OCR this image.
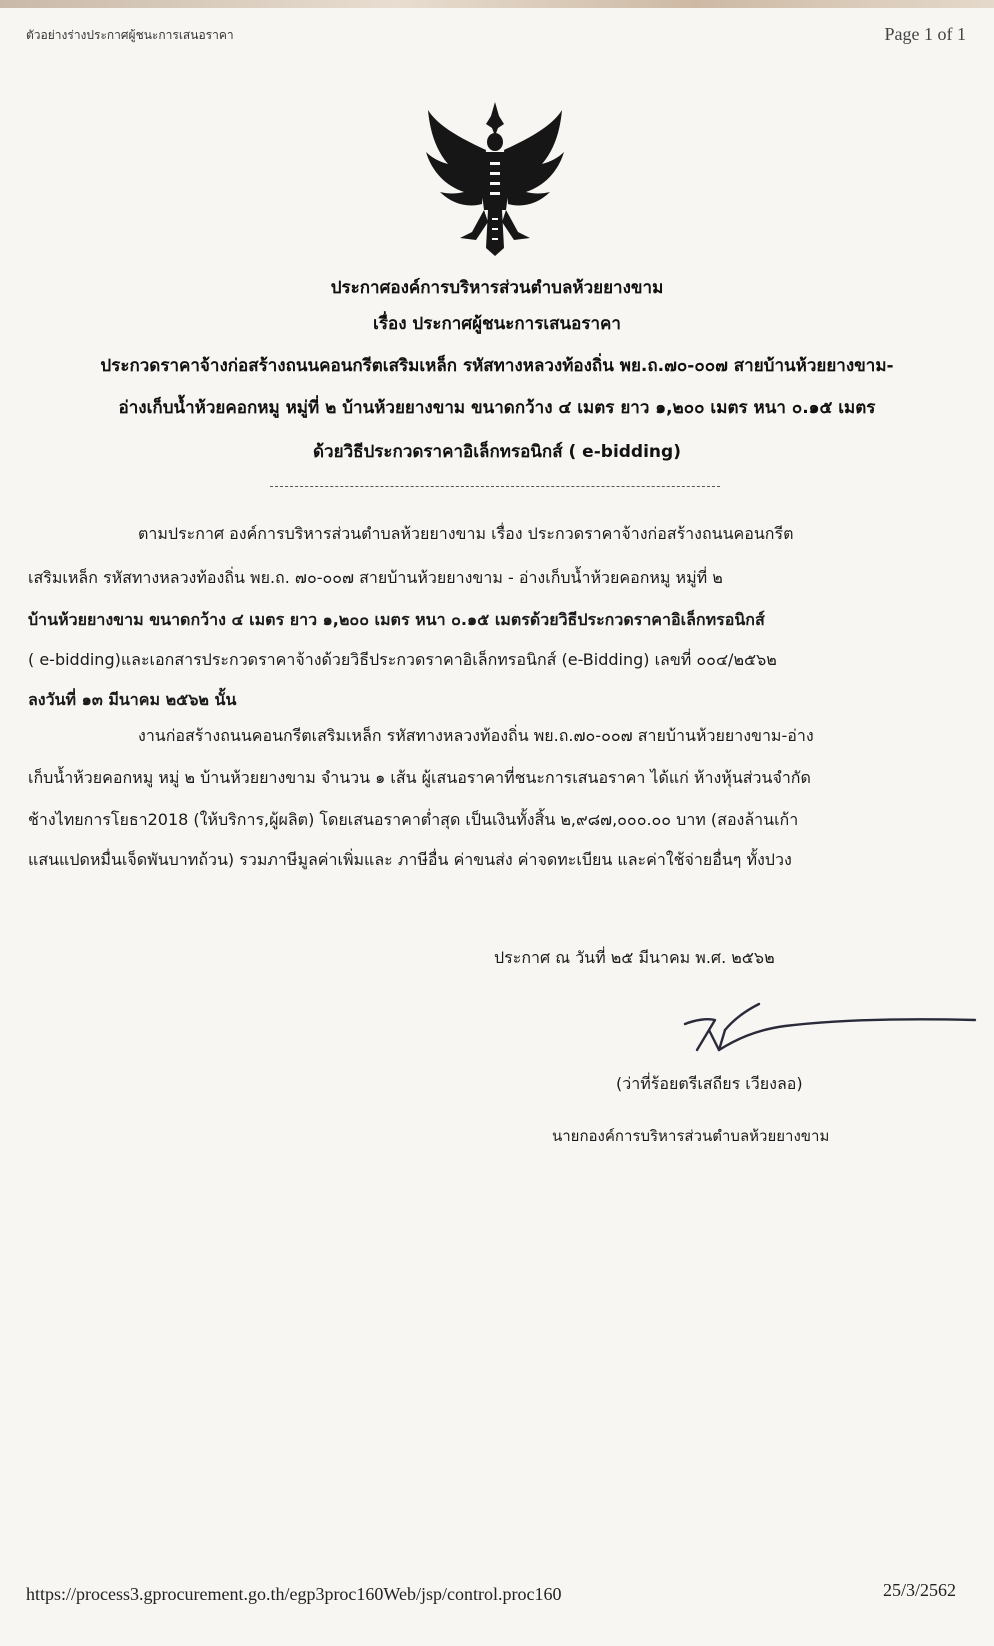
ตัวอย่างร่างประกาศผู้ชนะการเสนอราคา	Page 1 of 1
ประกาศองค์การบริหารส่วนตำบลห้วยยางขาม
เรื่อง ประกาศผู้ชนะการเสนอราคา
ประกวดราคาจ้างก่อสร้างถนนคอนกรีตเสริมเหล็ก รหัสทางหลวงท้องถิ่น พย.ถ.๗๐-๐๐๗ สายบ้านห้วยยางขาม-
อ่างเก็บน้ำห้วยคอกหมู หมู่ที่ ๒ บ้านห้วยยางขาม ขนาดกว้าง ๔ เมตร ยาว ๑,๒๐๐ เมตร หนา ๐.๑๕ เมตร
ด้วยวิธีประกวดราคาอิเล็กทรอนิกส์ ( e-bidding)
ตามประกาศ องค์การบริหารส่วนตำบลห้วยยางขาม เรื่อง ประกวดราคาจ้างก่อสร้างถนนคอนกรีต
เสริมเหล็ก รหัสทางหลวงท้องถิ่น พย.ถ. ๗๐-๐๐๗ สายบ้านห้วยยางขาม - อ่างเก็บน้ำห้วยคอกหมู หมู่ที่ ๒
บ้านห้วยยางขาม ขนาดกว้าง ๔ เมตร ยาว ๑,๒๐๐ เมตร หนา ๐.๑๕ เมตรด้วยวิธีประกวดราคาอิเล็กทรอนิกส์
( e-bidding)และเอกสารประกวดราคาจ้างด้วยวิธีประกวดราคาอิเล็กทรอนิกส์ (e-Bidding) เลขที่ ๐๐๔/๒๕๖๒
ลงวันที่ ๑๓ มีนาคม ๒๕๖๒ นั้น
งานก่อสร้างถนนคอนกรีตเสริมเหล็ก รหัสทางหลวงท้องถิ่น พย.ถ.๗๐-๐๐๗ สายบ้านห้วยยางขาม-อ่าง
เก็บน้ำห้วยคอกหมู หมู่ ๒ บ้านห้วยยางขาม จำนวน ๑ เส้น ผู้เสนอราคาที่ชนะการเสนอราคา ได้แก่ ห้างหุ้นส่วนจำกัด
ช้างไทยการโยธา2018 (ให้บริการ,ผู้ผลิต) โดยเสนอราคาต่ำสุด เป็นเงินทั้งสิ้น ๒,๙๘๗,๐๐๐.๐๐ บาท (สองล้านเก้า
แสนแปดหมื่นเจ็ดพันบาทถ้วน) รวมภาษีมูลค่าเพิ่มและ ภาษีอื่น ค่าขนส่ง ค่าจดทะเบียน และค่าใช้จ่ายอื่นๆ ทั้งปวง
ประกาศ ณ วันที่ ๒๕ มีนาคม พ.ศ. ๒๕๖๒
(ว่าที่ร้อยตรีเสถียร เวียงลอ)
นายกองค์การบริหารส่วนตำบลห้วยยางขาม
https://process3.gprocurement.go.th/egp3proc160Web/jsp/control.proc160	25/3/2562
